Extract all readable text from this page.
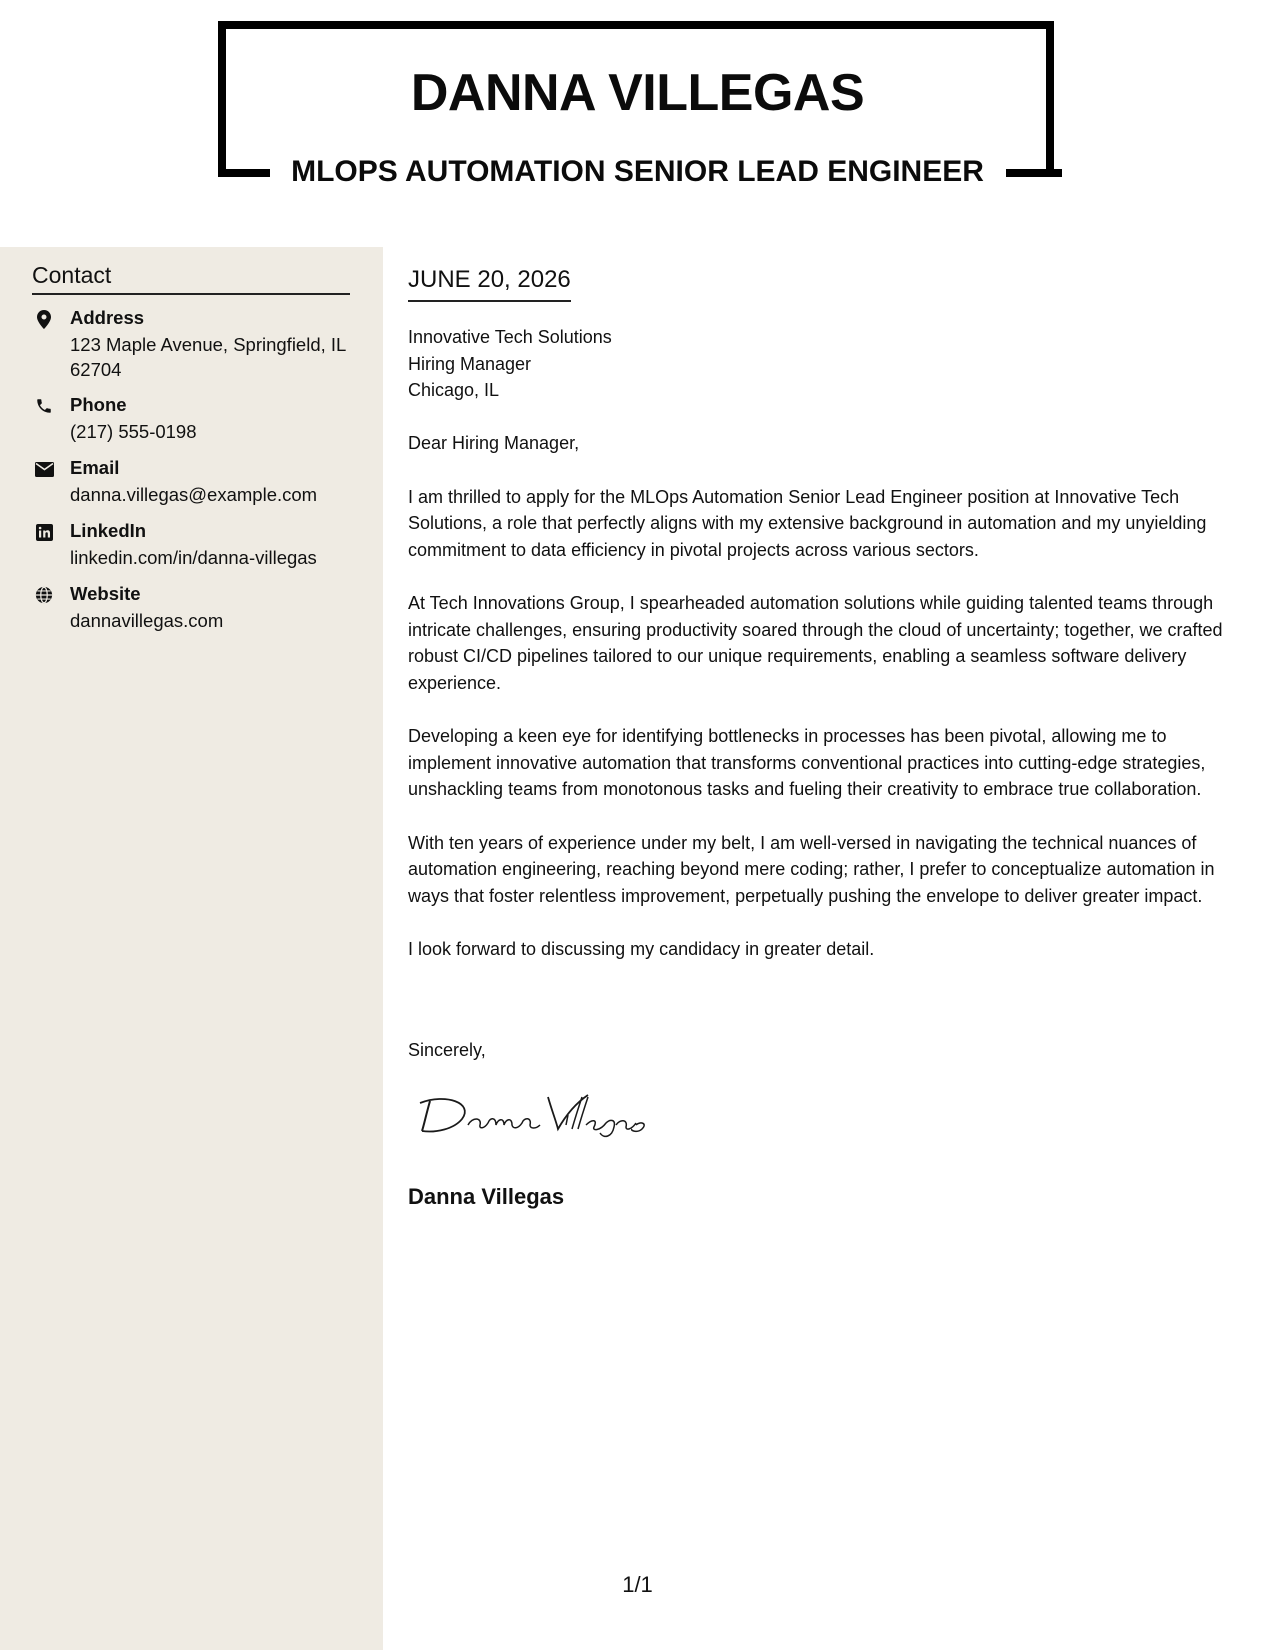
DANNA VILLEGAS
MLOPS AUTOMATION SENIOR LEAD ENGINEER
Contact
Address
123 Maple Avenue, Springfield, IL 62704
Phone
(217) 555-0198
Email
danna.villegas@example.com
LinkedIn
linkedin.com/in/danna-villegas
Website
dannavillegas.com
JUNE 20, 2026
Innovative Tech Solutions
Hiring Manager
Chicago, IL

Dear Hiring Manager,

I am thrilled to apply for the MLOps Automation Senior Lead Engineer position at Innovative Tech Solutions, a role that perfectly aligns with my extensive background in automation and my unyielding commitment to data efficiency in pivotal projects across various sectors.

At Tech Innovations Group, I spearheaded automation solutions while guiding talented teams through intricate challenges, ensuring productivity soared through the cloud of uncertainty; together, we crafted robust CI/CD pipelines tailored to our unique requirements, enabling a seamless software delivery experience.

Developing a keen eye for identifying bottlenecks in processes has been pivotal, allowing me to implement innovative automation that transforms conventional practices into cutting-edge strategies, unshackling teams from monotonous tasks and fueling their creativity to embrace true collaboration.

With ten years of experience under my belt, I am well-versed in navigating the technical nuances of automation engineering, reaching beyond mere coding; rather, I prefer to conceptualize automation in ways that foster relentless improvement, perpetually pushing the envelope to deliver greater impact.

I look forward to discussing my candidacy in greater detail.

Sincerely,
Danna Villegas
1/1
